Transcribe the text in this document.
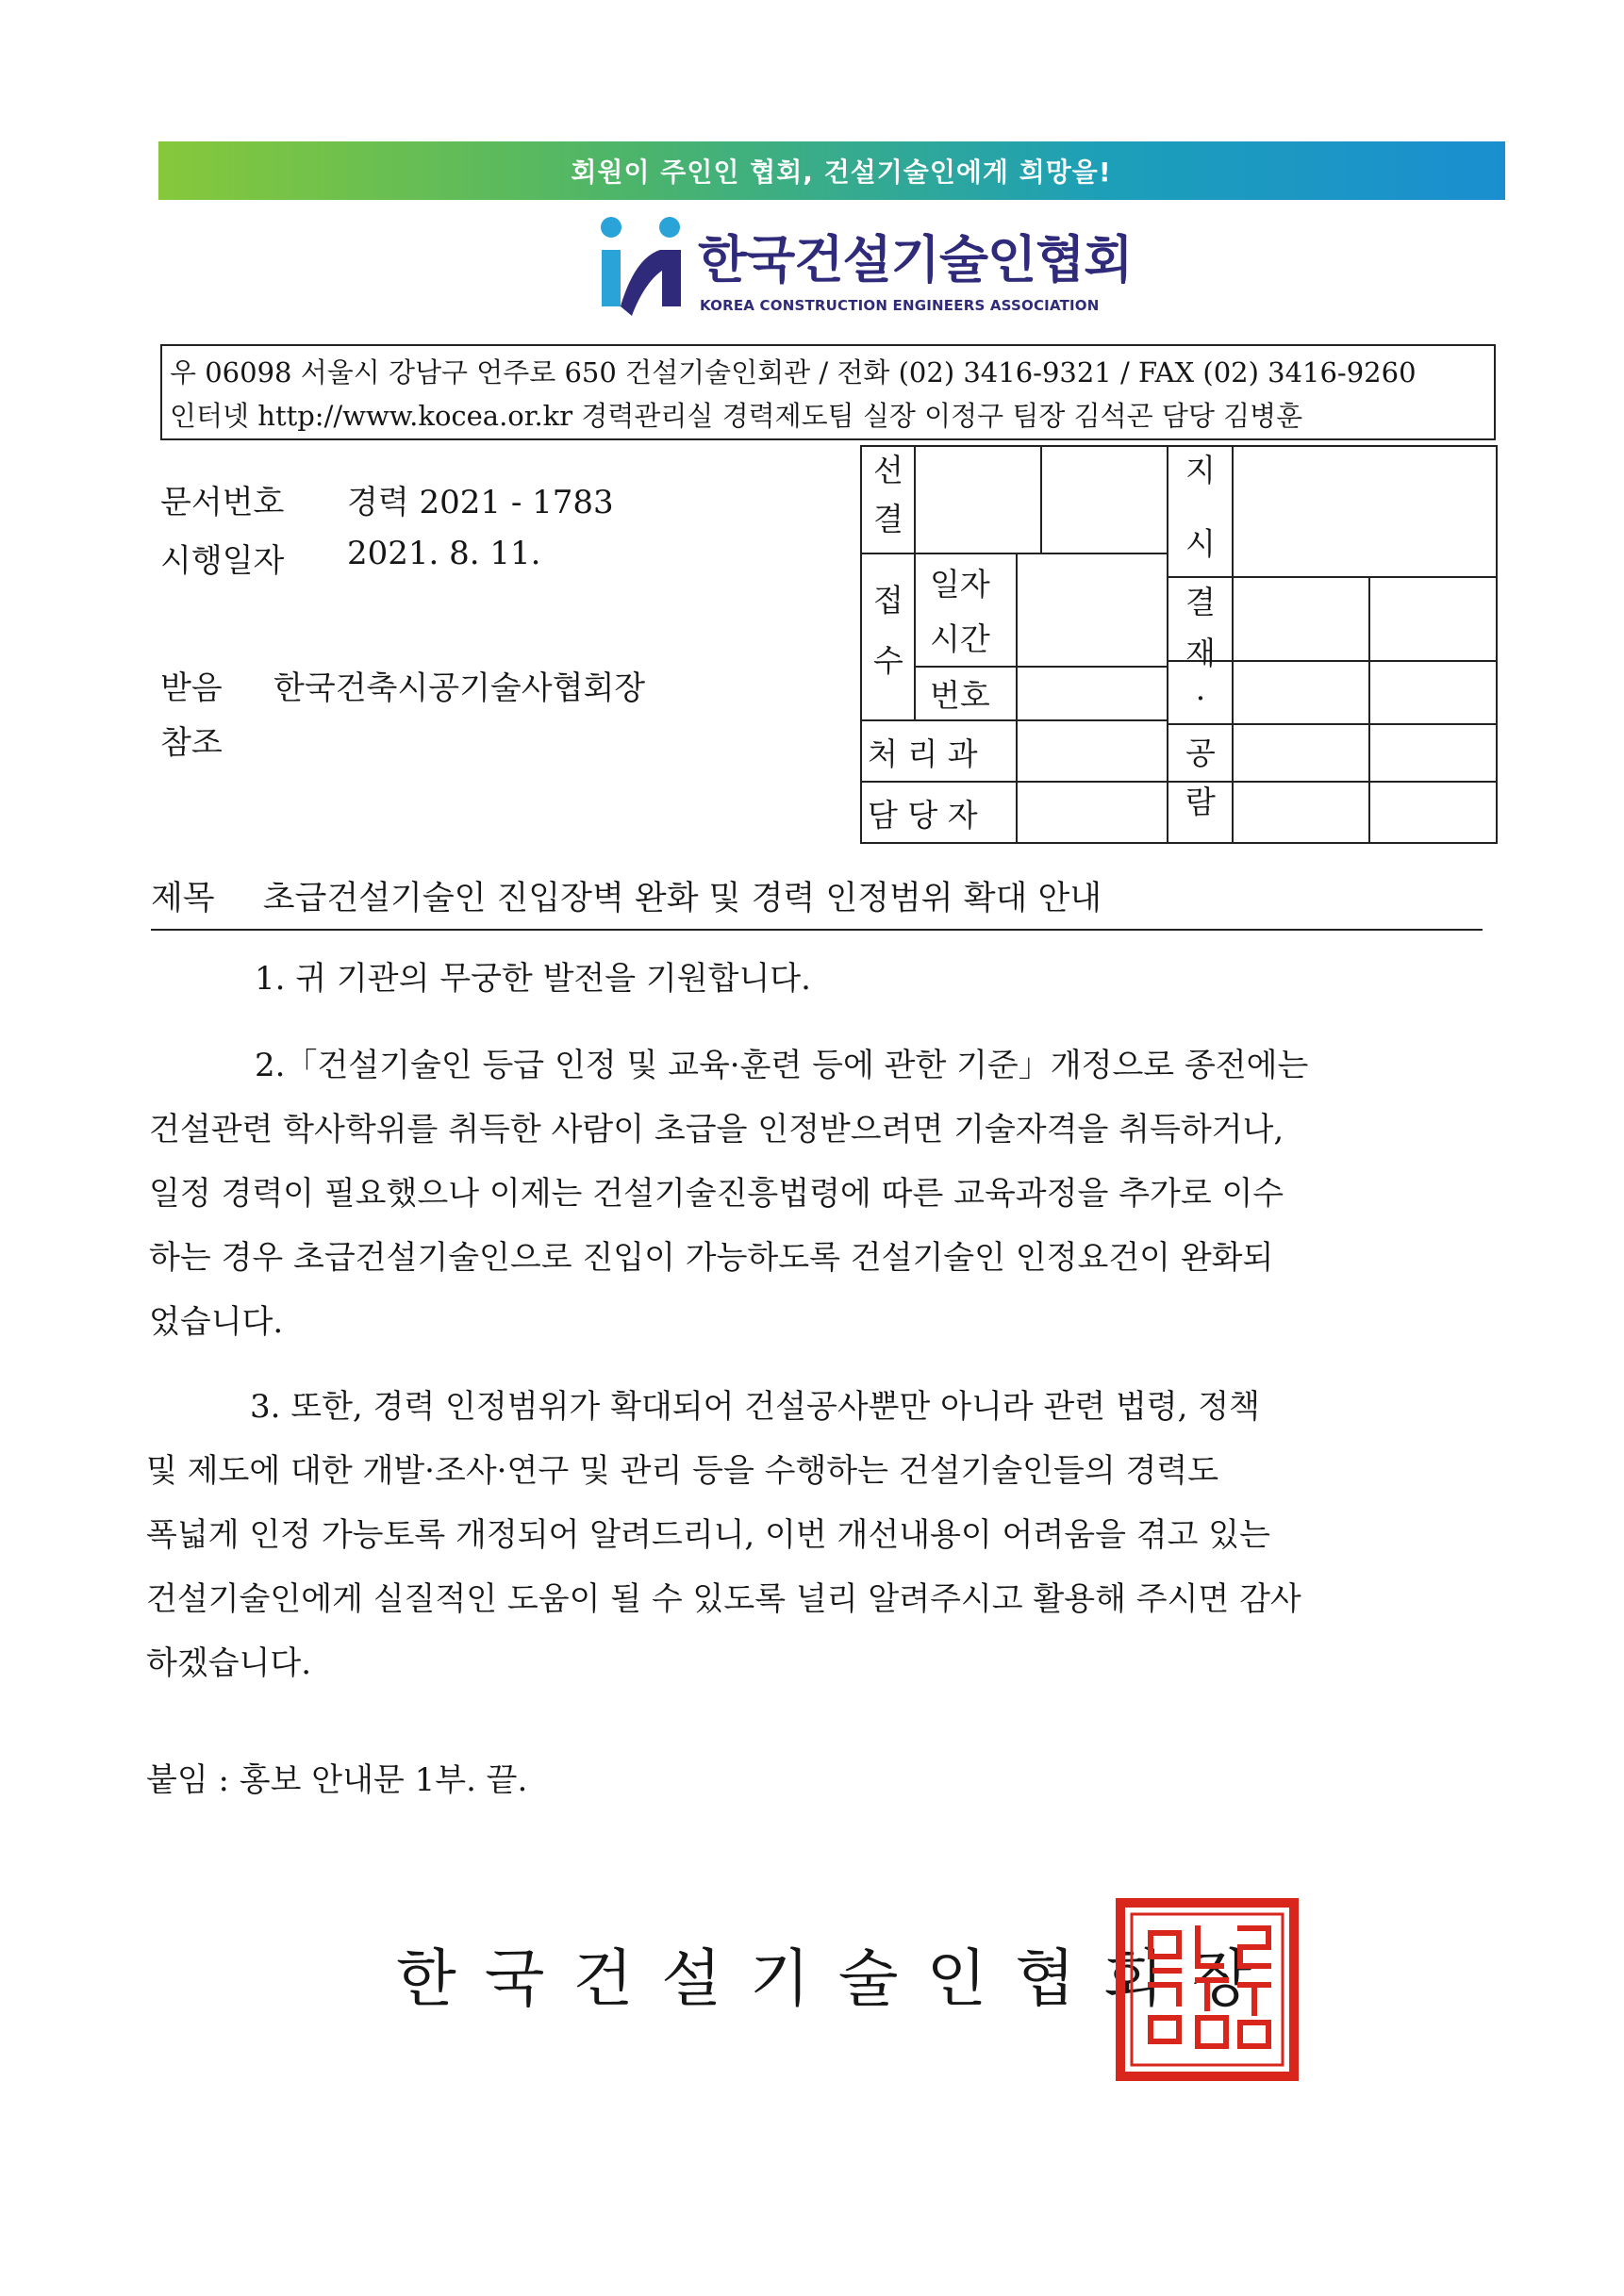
회원이 주인인 협회, 건설기술인에게 희망을!
한국건설기술인협회
KOREA CONSTRUCTION ENGINEERS ASSOCIATION
우 06098 서울시 강남구 언주로 650 건설기술인회관 / 전화 (02) 3416-9321 / FAX (02) 3416-9260
인터넷 http://www.kocea.or.kr 경력관리실 경력제도팀 실장 이정구 팀장 김석곤 담당 김병훈
문서번호 경력 2021 - 1783
시행일자 2021. 8. 11.
받음 한국건축시공기술사협회장
참조
선
결
접
수
일자
시간
번호
처 리 과
담 당 자
지
시
결
재
·
공
람
제목 초급건설기술인 진입장벽 완화 및 경력 인정범위 확대 안내
1. 귀 기관의 무궁한 발전을 기원합니다.
2.「건설기술인 등급 인정 및 교육·훈련 등에 관한 기준」개정으로 종전에는
건설관련 학사학위를 취득한 사람이 초급을 인정받으려면 기술자격을 취득하거나,
일정 경력이 필요했으나 이제는 건설기술진흥법령에 따른 교육과정을 추가로 이수
하는 경우 초급건설기술인으로 진입이 가능하도록 건설기술인 인정요건이 완화되
었습니다.
3. 또한, 경력 인정범위가 확대되어 건설공사뿐만 아니라 관련 법령, 정책
및 제도에 대한 개발·조사·연구 및 관리 등을 수행하는 건설기술인들의 경력도
폭넓게 인정 가능토록 개정되어 알려드리니, 이번 개선내용이 어려움을 겪고 있는
건설기술인에게 실질적인 도움이 될 수 있도록 널리 알려주시고 활용해 주시면 감사
하겠습니다.
붙임 : 홍보 안내문 1부. 끝.
한국건설기술인협회장
